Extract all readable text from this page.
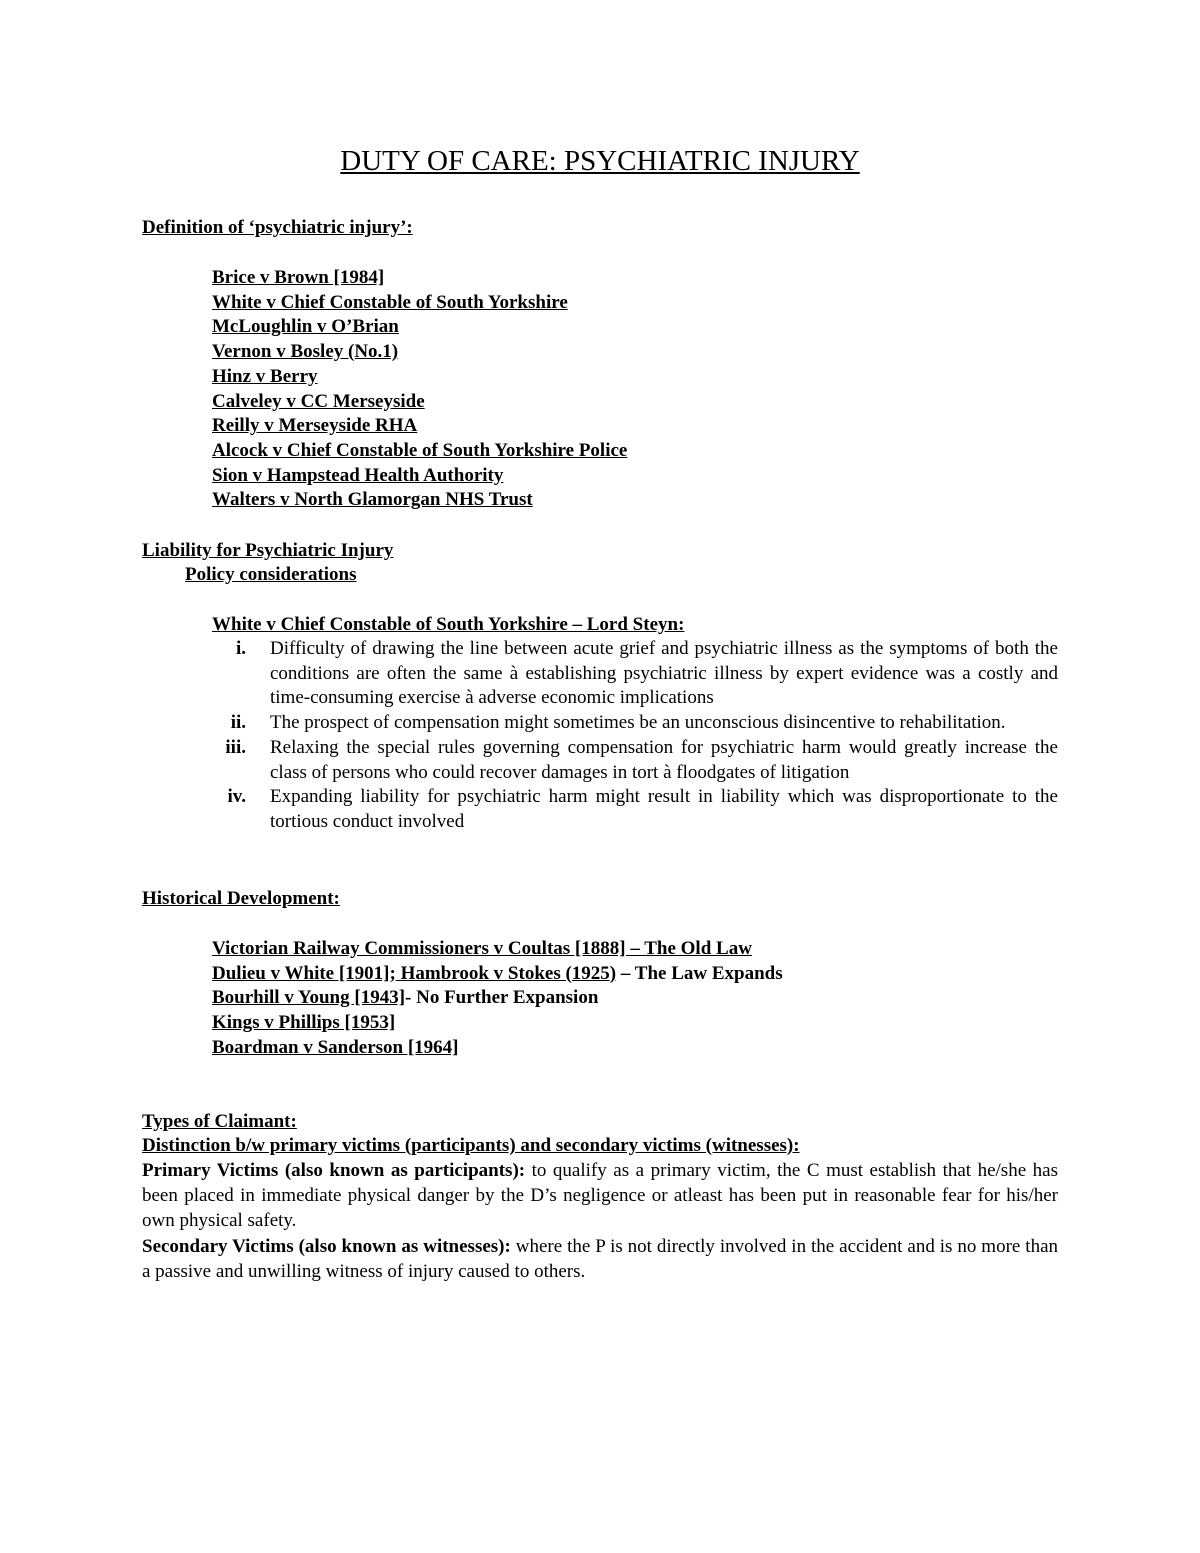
DUTY OF CARE: PSYCHIATRIC INJURY
Definition of ‘psychiatric injury’:
Brice v Brown [1984]
White v Chief Constable of South Yorkshire
McLoughlin v O’Brian
Vernon v Bosley (No.1)
Hinz v Berry
Calveley v CC Merseyside
Reilly v Merseyside RHA
Alcock v Chief Constable of South Yorkshire Police
Sion v Hampstead Health Authority
Walters v North Glamorgan NHS Trust
Liability for Psychiatric Injury
Policy considerations
White v Chief Constable of South Yorkshire – Lord Steyn:
i. Difficulty of drawing the line between acute grief and psychiatric illness as the symptoms of both the conditions are often the same à establishing psychiatric illness by expert evidence was a costly and time-consuming exercise à adverse economic implications
ii. The prospect of compensation might sometimes be an unconscious disincentive to rehabilitation.
iii. Relaxing the special rules governing compensation for psychiatric harm would greatly increase the class of persons who could recover damages in tort à floodgates of litigation
iv. Expanding liability for psychiatric harm might result in liability which was disproportionate to the tortious conduct involved
Historical Development:
Victorian Railway Commissioners v Coultas [1888] – The Old Law
Dulieu v White [1901]; Hambrook v Stokes (1925) – The Law Expands
Bourhill v Young [1943]- No Further Expansion
Kings v Phillips [1953]
Boardman v Sanderson [1964]
Types of Claimant:
Distinction b/w primary victims (participants) and secondary victims (witnesses):

Primary Victims (also known as participants): to qualify as a primary victim, the C must establish that he/she has been placed in immediate physical danger by the D’s negligence or atleast has been put in reasonable fear for his/her own physical safety.

Secondary Victims (also known as witnesses): where the P is not directly involved in the accident and is no more than a passive and unwilling witness of injury caused to others.
